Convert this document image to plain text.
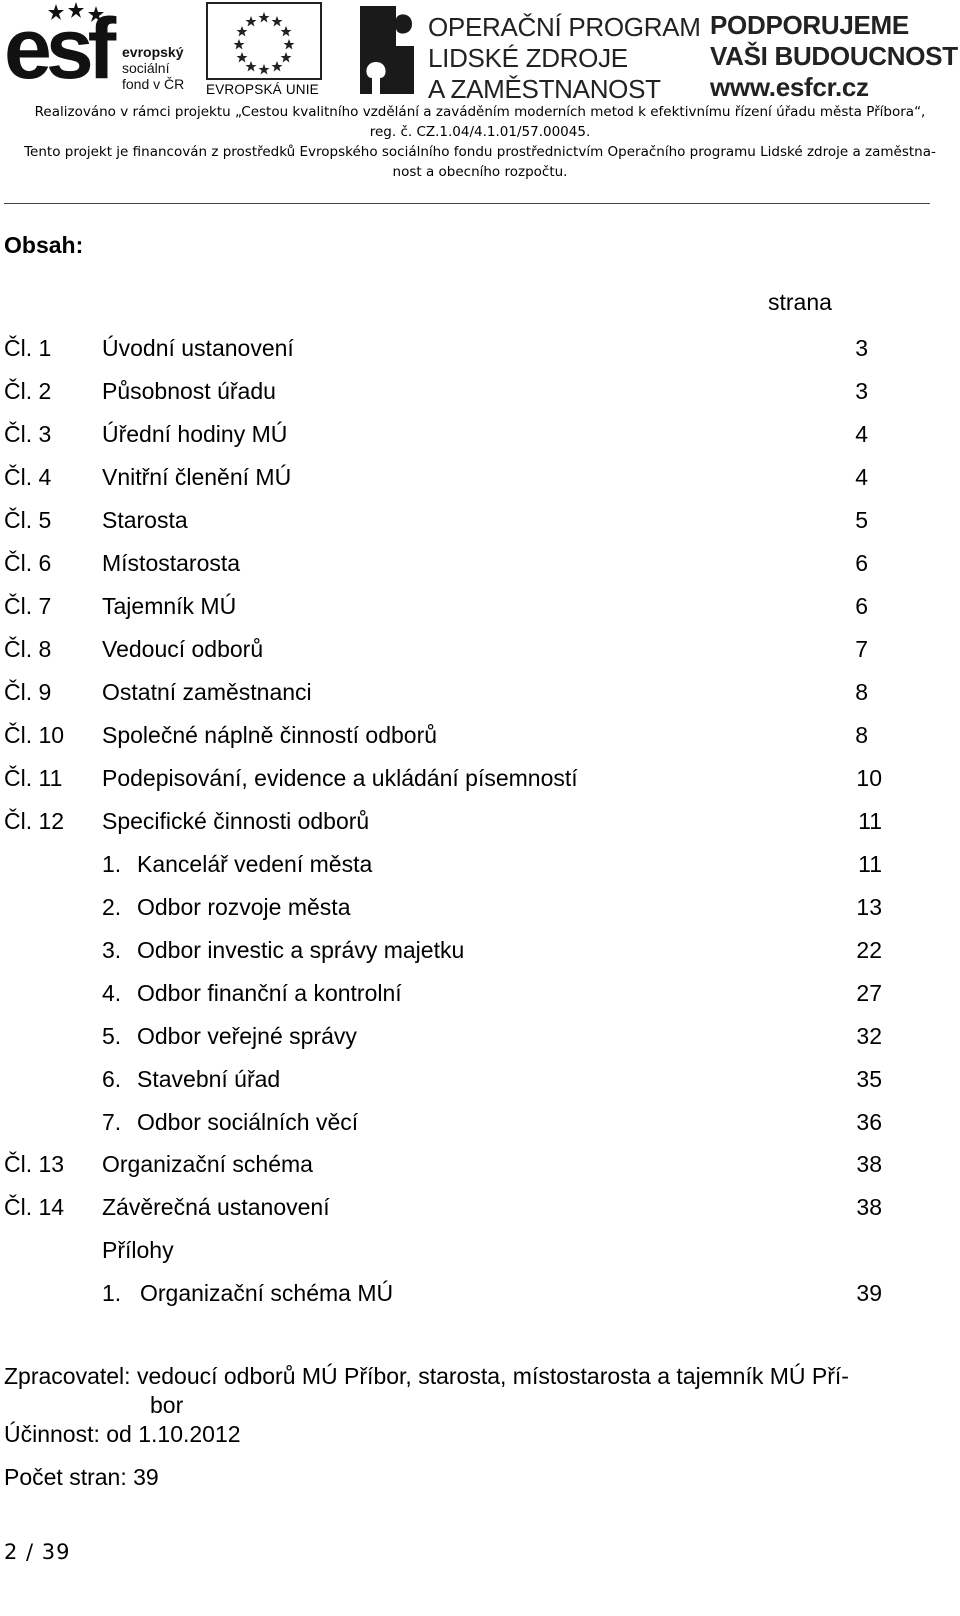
esf evropský
sociální
fond v ČR EVROPSKÁ UNIE
OPERAČNÍ PROGRAM
LIDSKÉ ZDROJE
A ZAMĚSTNANOST
PODPORUJEME
VAŠI BUDOUCNOST
www.esfcr.cz
Realizováno v rámci projektu „Cestou kvalitního vzdělání a zaváděním moderních metod k efektivnímu řízení úřadu města Příbora“,
reg. č. CZ.1.04/4.1.01/57.00045.
Tento projekt je financován z prostředků Evropského sociálního fondu prostřednictvím Operačního programu Lidské zdroje a zaměstna-
nost a obecního rozpočtu.
Obsah:
strana
Čl. 1 Úvodní ustanovení	3
Čl. 2 Působnost úřadu	3
Čl. 3 Úřední hodiny MÚ	4
Čl. 4 Vnitřní členění MÚ	4
Čl. 5 Starosta	5
Čl. 6 Místostarosta	6
Čl. 7 Tajemník MÚ	6
Čl. 8 Vedoucí odborů	7
Čl. 9 Ostatní zaměstnanci	8
Čl. 10 Společné náplně činností odborů	8
Čl. 11 Podepisování, evidence a ukládání písemností	10
Čl. 12 Specifické činnosti odborů	11
1. Kancelář vedení města	11
2. Odbor rozvoje města	13
3. Odbor investic a správy majetku	22
4. Odbor finanční a kontrolní	27
5. Odbor veřejné správy	32
6. Stavební úřad	35
7. Odbor sociálních věcí	36
Čl. 13 Organizační schéma	38
Čl. 14 Závěrečná ustanovení	38
Přílohy
1. Organizační schéma MÚ	39
Zpracovatel: vedoucí odborů MÚ Příbor, starosta, místostarosta a tajemník MÚ Pří-
bor
Účinnost: od 1.10.2012
Počet stran: 39
2 / 39
